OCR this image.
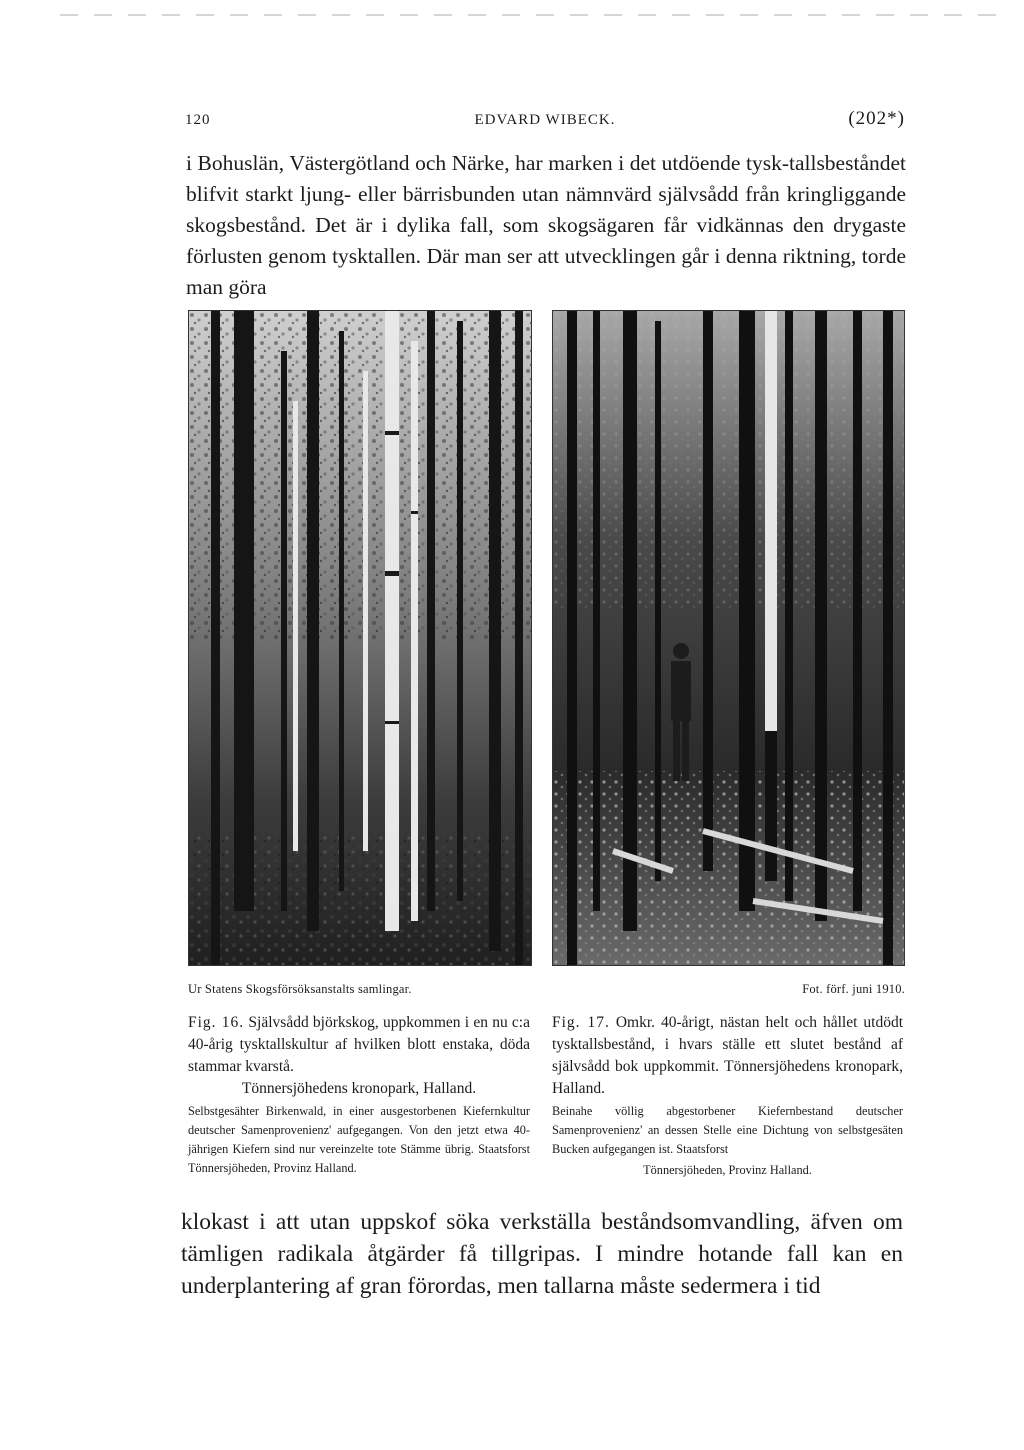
120	EDVARD WIBECK.	(202*)

i Bohuslän, Västergötland och Närke, har marken i det utdöende tysk-tallsbeståndet blifvit starkt ljung- eller bärrisbunden utan nämnvärd självsådd från kringliggande skogsbestånd. Det är i dylika fall, som skogsägaren får vidkännas den drygaste förlusten genom tysktallen. Där man ser att utvecklingen går i denna riktning, torde man göra

Ur Statens Skogsförsöksanstalts samlingar.	Fot. förf. juni 1910.
Fig. 16. Självsådd björkskog, uppkommen i en nu c:a 40-årig tysktallskultur af hvilken blott enstaka, döda stammar kvarstå.
Tönnersjöhedens kronopark, Halland.
Selbstgesähter Birkenwald, in einer ausgestorbenen Kiefernkultur deutscher Samenprovenienz' aufgegangen. Von den jetzt etwa 40-jährigen Kiefern sind nur vereinzelte tote Stämme übrig. Staatsforst Tönnersjöheden, Provinz Halland.
Fig. 17. Omkr. 40-årigt, nästan helt och hållet utdödt tysktallsbestånd, i hvars ställe ett slutet bestånd af självsådd bok uppkommit. Tönnersjöhedens kronopark, Halland.
Beinahe völlig abgestorbener Kiefernbestand deutscher Samenprovenienz' an dessen Stelle eine Dichtung von selbstgesäten Bucken aufgegangen ist. Staatsforst
Tönnersjöheden, Provinz Halland.

klokast i att utan uppskof söka verkställa beståndsomvandling, äfven om tämligen radikala åtgärder få tillgripas. I mindre hotande fall kan en underplantering af gran förordas, men tallarna måste sedermera i tid
